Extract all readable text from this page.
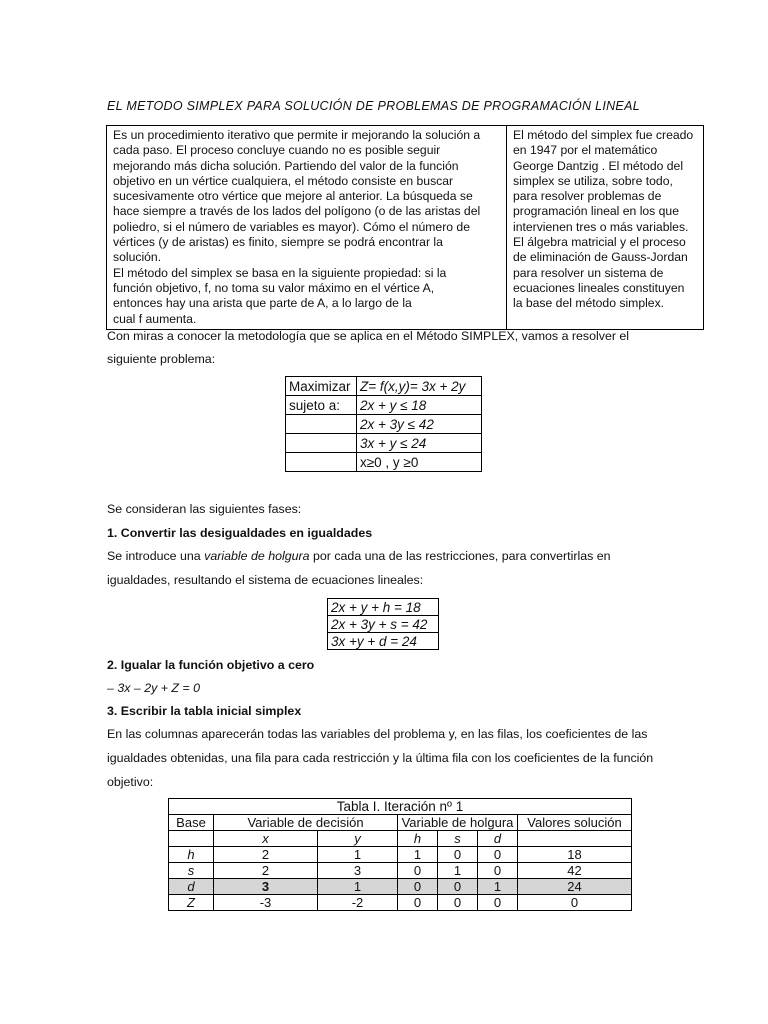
EL METODO SIMPLEX PARA SOLUCIÓN DE PROBLEMAS DE PROGRAMACIÓN LINEAL
Es un procedimiento iterativo que permite ir mejorando la solución a
cada paso. El proceso concluye cuando no es posible seguir
mejorando más dicha solución. Partiendo del valor de la función
objetivo en un vértice cualquiera, el método consiste en buscar
sucesivamente otro vértice que mejore al anterior. La búsqueda se
hace siempre a través de los lados del polígono (o de las aristas del
poliedro, si el número de variables es mayor). Cómo el número de
vértices (y de aristas) es finito, siempre se podrá encontrar la
solución.
El método del simplex se basa en la siguiente propiedad: si la
función objetivo, f, no toma su valor máximo en el vértice A,
entonces hay una arista que parte de A, a lo largo de la
cual f aumenta.

El método del simplex fue creado
en 1947 por el matemático
George Dantzig . El método del
simplex se utiliza, sobre todo,
para resolver problemas de
programación lineal en los que
intervienen tres o más variables.
El álgebra matricial y el proceso
de eliminación de Gauss-Jordan
para resolver un sistema de
ecuaciones lineales constituyen
la base del método simplex.
Con miras a conocer la metodología que se aplica en el Método SIMPLEX, vamos a resolver el
siguiente problema:
Maximizar	Z= f(x,y)= 3x + 2y
sujeto a:	2x + y ≤ 18
	2x + 3y ≤ 42
	3x + y ≤ 24
	x≥0 , y ≥0
Se consideran las siguientes fases:
1. Convertir las desigualdades en igualdades
Se introduce una variable de holgura por cada una de las restricciones, para convertirlas en
igualdades, resultando el sistema de ecuaciones lineales:
2x + y + h = 18
2x + 3y + s = 42
3x +y + d = 24
2. Igualar la función objetivo a cero
– 3x – 2y + Z = 0
3. Escribir la tabla inicial simplex
En las columnas aparecerán todas las variables del problema y, en las filas, los coeficientes de las
igualdades obtenidas, una fila para cada restricción y la última fila con los coeficientes de la función
objetivo:
Tabla I. Iteración nº 1						
Base	Variable de decisión		Variable de holgura			Valores solución
	x	y	h	s	d	
h	2	1	1	0	0	18
s	2	3	0	1	0	42
d	3	1	0	0	1	24
Z	-3	-2	0	0	0	0
